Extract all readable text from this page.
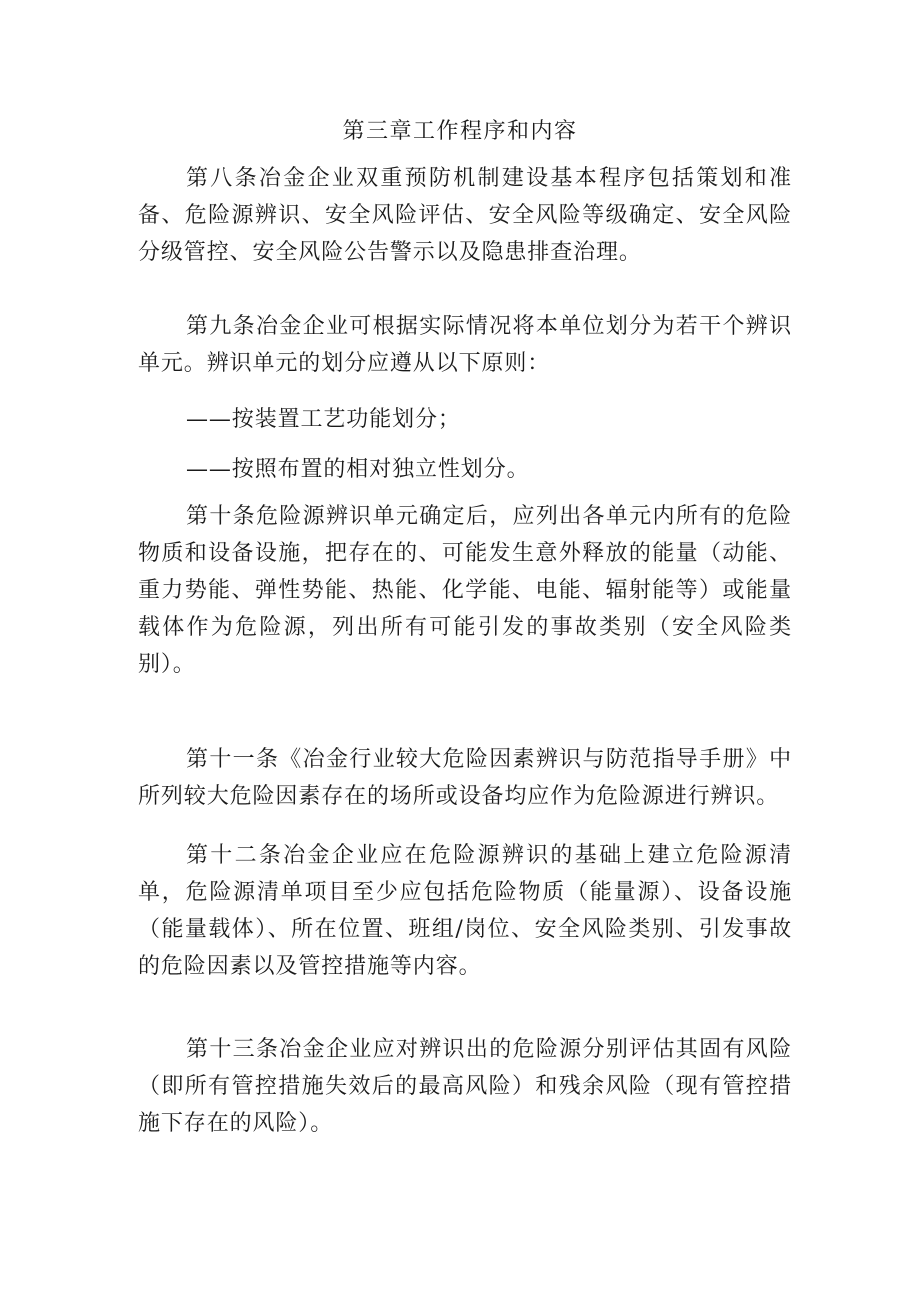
第三章工作程序和内容

第八条冶金企业双重预防机制建设基本程序包括策划和准备、危险源辨识、安全风险评估、安全风险等级确定、安全风险分级管控、安全风险公告警示以及隐患排查治理。

第九条冶金企业可根据实际情况将本单位划分为若干个辨识单元。辨识单元的划分应遵从以下原则：

——按装置工艺功能划分；

——按照布置的相对独立性划分。

第十条危险源辨识单元确定后，应列出各单元内所有的危险物质和设备设施，把存在的、可能发生意外释放的能量（动能、重力势能、弹性势能、热能、化学能、电能、辐射能等）或能量载体作为危险源，列出所有可能引发的事故类别（安全风险类别）。

第十一条《冶金行业较大危险因素辨识与防范指导手册》中所列较大危险因素存在的场所或设备均应作为危险源进行辨识。

第十二条冶金企业应在危险源辨识的基础上建立危险源清单，危险源清单项目至少应包括危险物质（能量源）、设备设施（能量载体）、所在位置、班组/岗位、安全风险类别、引发事故的危险因素以及管控措施等内容。

第十三条冶金企业应对辨识出的危险源分别评估其固有风险（即所有管控措施失效后的最高风险）和残余风险（现有管控措施下存在的风险）。
